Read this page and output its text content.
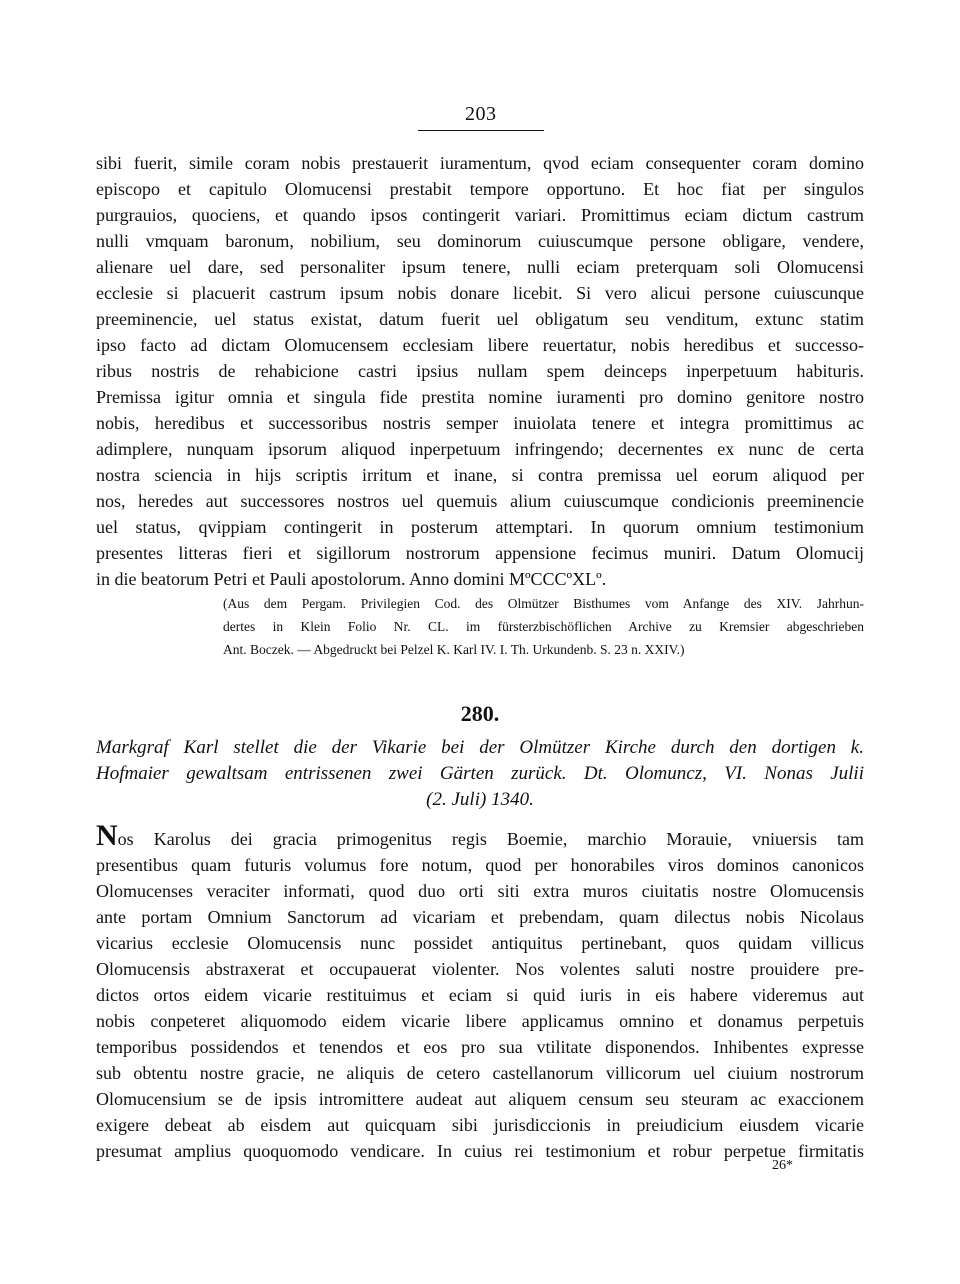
203
sibi fuerit, simile coram nobis prestauerit iuramentum, qvod eciam consequenter coram domino
episcopo et capitulo Olomucensi prestabit tempore opportuno. Et hoc fiat per singulos
purgrauios, quociens, et quando ipsos contingerit variari. Promittimus eciam dictum castrum
nulli vmquam baronum, nobilium, seu dominorum cuiuscumque persone obligare, vendere,
alienare uel dare, sed personaliter ipsum tenere, nulli eciam preterquam soli Olomucensi
ecclesie si placuerit castrum ipsum nobis donare licebit. Si vero alicui persone cuiuscunque
preeminencie, uel status existat, datum fuerit uel obligatum seu venditum, extunc statim
ipso facto ad dictam Olomucensem ecclesiam libere reuertatur, nobis heredibus et successo-
ribus nostris de rehabicione castri ipsius nullam spem deinceps inperpetuum habituris.
Premissa igitur omnia et singula fide prestita nomine iuramenti pro domino genitore nostro
nobis, heredibus et successoribus nostris semper inuiolata tenere et integra promittimus ac
adimplere, nunquam ipsorum aliquod inperpetuum infringendo; decernentes ex nunc de certa
nostra sciencia in hijs scriptis irritum et inane, si contra premissa uel eorum aliquod per
nos, heredes aut successores nostros uel quemuis alium cuiuscumque condicionis preeminencie
uel status, qvippiam contingerit in posterum attemptari. In quorum omnium testimonium
presentes litteras fieri et sigillorum nostrorum appensione fecimus muniri. Datum Olomucij
in die beatorum Petri et Pauli apostolorum. Anno domini MºCCCºXLº.
(Aus dem Pergam. Privilegien Cod. des Olmützer Bisthumes vom Anfange des XIV. Jahrhun-
dertes in Klein Folio Nr. CL. im fürsterzbischöflichen Archive zu Kremsier abgeschrieben
Ant. Boczek. — Abgedruckt bei Pelzel K. Karl IV. I. Th. Urkundenb. S. 23 n. XXIV.)
280.
Markgraf Karl stellet die der Vikarie bei der Olmützer Kirche durch den dortigen k.
Hofmaier gewaltsam entrissenen zwei Gärten zurück. Dt. Olomuncz, VI. Nonas Julii
(2. Juli) 1340.
Nos Karolus dei gracia primogenitus regis Boemie, marchio Morauie, vniuersis tam
presentibus quam futuris volumus fore notum, quod per honorabiles viros dominos canonicos
Olomucenses veraciter informati, quod duo orti siti extra muros ciuitatis nostre Olomucensis
ante portam Omnium Sanctorum ad vicariam et prebendam, quam dilectus nobis Nicolaus
vicarius ecclesie Olomucensis nunc possidet antiquitus pertinebant, quos quidam villicus
Olomucensis abstraxerat et occupauerat violenter. Nos volentes saluti nostre prouidere pre-
dictos ortos eidem vicarie restituimus et eciam si quid iuris in eis habere videremus aut
nobis conpeteret aliquomodo eidem vicarie libere applicamus omnino et donamus perpetuis
temporibus possidendos et tenendos et eos pro sua vtilitate disponendos. Inhibentes expresse
sub obtentu nostre gracie, ne aliquis de cetero castellanorum villicorum uel ciuium nostrorum
Olomucensium se de ipsis intromittere audeat aut aliquem censum seu steuram ac exaccionem
exigere debeat ab eisdem aut quicquam sibi jurisdiccionis in preiudicium eiusdem vicarie
presumat amplius quoquomodo vendicare. In cuius rei testimonium et robur perpetue firmitatis
26*
